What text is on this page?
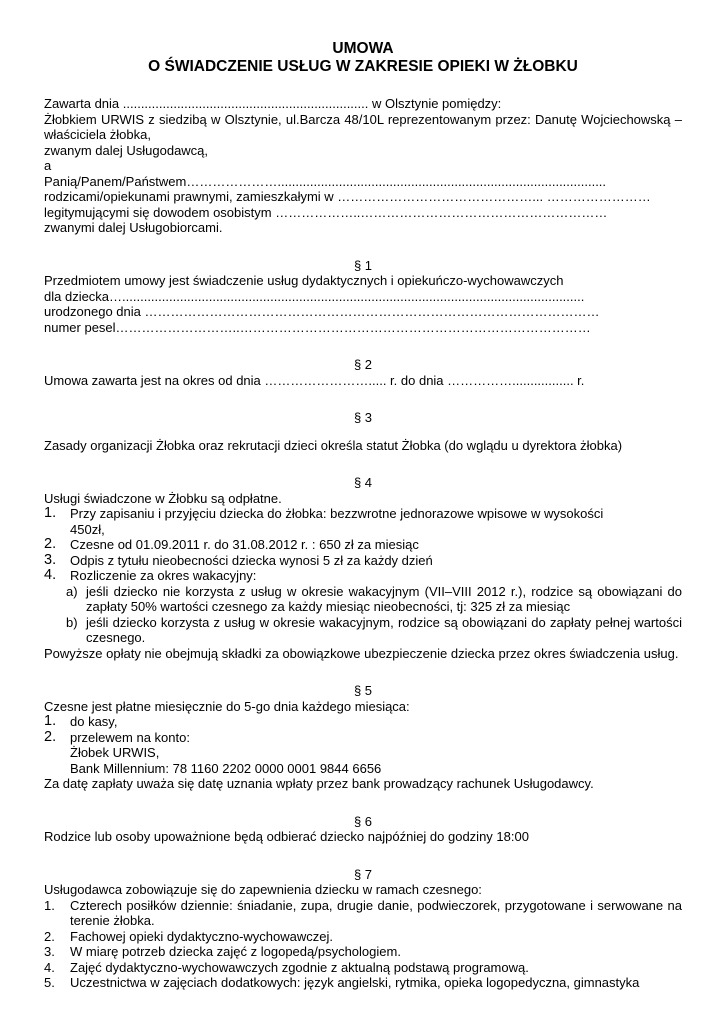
UMOWA
O ŚWIADCZENIE USŁUG W ZAKRESIE OPIEKI W ŻŁOBKU

Zawarta dnia .................................................................... w Olsztynie pomiędzy:

Żłobkiem URWIS z siedzibą w Olsztynie, ul.Barcza 48/10L reprezentowanym przez: Danutę Wojciechowską – właściciela żłobka,

zwanym dalej Usługodawcą,

a

Panią/Panem/Państwem…………………...........................................................................................

rodzicami/opiekunami prawnymi, zamieszkałymi w ………………………………………... ……………………

legitymującymi się dowodem osobistym ………………..…………………………………………………

zwanymi dalej Usługobiorcami.

§ 1

Przedmiotem umowy jest świadczenie usług dydaktycznych i opiekuńczo-wychowawczych

dla dziecka…................................................................................................................................

urodzonego dnia ……………………………………………………………………………………………

numer pesel………………………..………………………………………………………………………

§ 2

Umowa zawarta jest na okres od dnia ……………………..... r. do dnia ……………................. r.

§ 3

Zasady organizacji Żłobka oraz rekrutacji dzieci określa statut Żłobka (do wglądu u dyrektora żłobka)

§ 4

Usługi świadczone w Żłobku są odpłatne.

1.	Przy zapisaniu i przyjęciu dziecka do żłobka: bezzwrotne jednorazowe wpisowe w wysokości
450zł,
2.	Czesne od 01.09.2011 r. do 31.08.2012 r. : 650 zł za miesiąc
3.	Odpis z tytułu nieobecności dziecka wynosi 5 zł za każdy dzień
4.	Rozliczenie za okres wakacyjny:
a) jeśli dziecko nie korzysta z usług w okresie wakacyjnym (VII–VIII 2012 r.), rodzice są obowiązani do zapłaty 50% wartości czesnego za każdy miesiąc nieobecności, tj: 325 zł za miesiąc
b) jeśli dziecko korzysta z usług w okresie wakacyjnym, rodzice są obowiązani do zapłaty pełnej wartości czesnego.

Powyższe opłaty nie obejmują składki za obowiązkowe ubezpieczenie dziecka przez okres świadczenia usług.

§ 5

Czesne jest płatne miesięcznie do 5-go dnia każdego miesiąca:

1.	do kasy,
2.	przelewem na konto:
Żłobek URWIS,
Bank Millennium: 78 1160 2202 0000 0001 9844 6656

Za datę zapłaty uważa się datę uznania wpłaty przez bank prowadzący rachunek Usługodawcy.

§ 6

Rodzice lub osoby upoważnione będą odbierać dziecko najpóźniej do godziny 18:00

§ 7

Usługodawca zobowiązuje się do zapewnienia dziecku w ramach czesnego:

1.	Czterech posiłków dziennie: śniadanie, zupa, drugie danie, podwieczorek, przygotowane i serwowane na terenie żłobka.
2.	Fachowej opieki dydaktyczno-wychowawczej.
3.	W miarę potrzeb dziecka zajęć z logopedą/psychologiem.
4.	Zajęć dydaktyczno-wychowawczych zgodnie z aktualną podstawą programową.
5.	Uczestnictwa w zajęciach dodatkowych: język angielski, rytmika, opieka logopedyczna, gimnastyka
